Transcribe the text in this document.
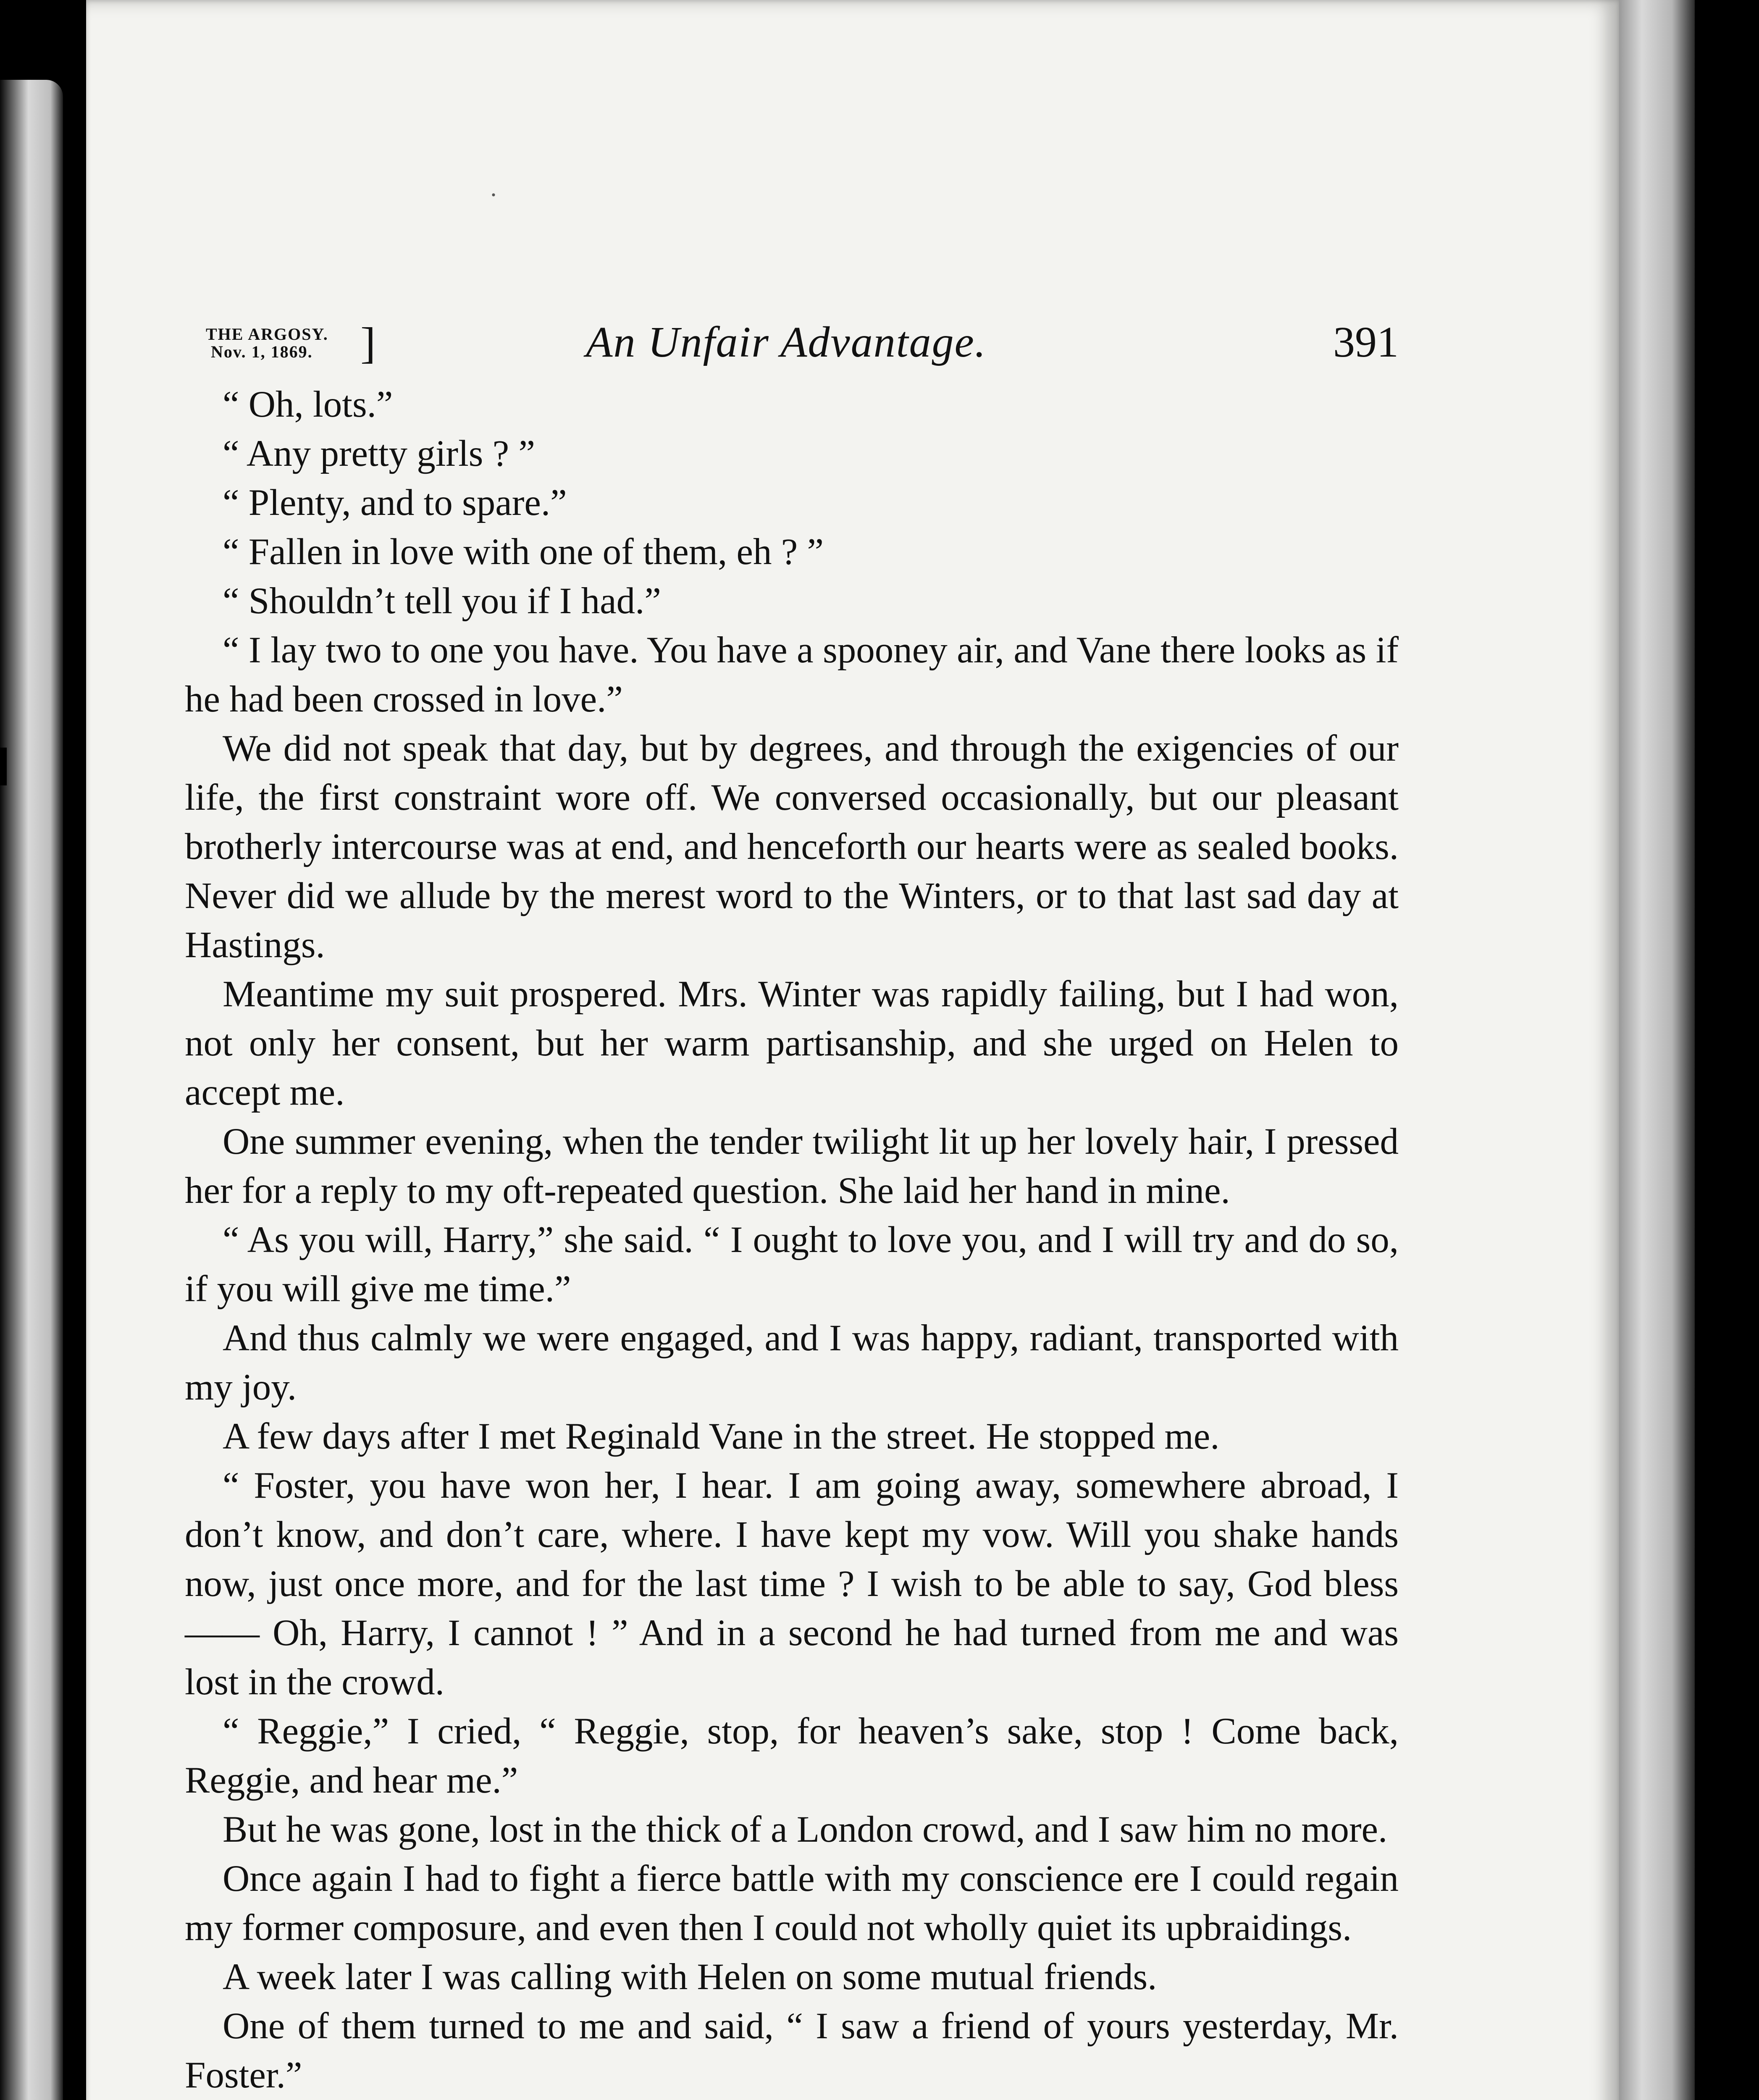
·
THE ARGOSY.
Nov. 1, 1869.	]	An Unfair Advantage.	391

“ Oh, lots.”

“ Any pretty girls ? ”

“ Plenty, and to spare.”

“ Fallen in love with one of them, eh ? ”

“ Shouldn’t tell you if I had.”

“ I lay two to one you have. You have a spooney air, and Vane there looks as if he had been crossed in love.”

We did not speak that day, but by degrees, and through the exigencies of our life, the first constraint wore off. We conversed occasionally, but our pleasant brotherly intercourse was at end, and henceforth our hearts were as sealed books. Never did we allude by the merest word to the Winters, or to that last sad day at Hastings.

Meantime my suit prospered. Mrs. Winter was rapidly failing, but I had won, not only her consent, but her warm partisanship, and she urged on Helen to accept me.

One summer evening, when the tender twilight lit up her lovely hair, I pressed her for a reply to my oft-repeated question. She laid her hand in mine.

“ As you will, Harry,” she said. “ I ought to love you, and I will try and do so, if you will give me time.”

And thus calmly we were engaged, and I was happy, radiant, transported with my joy.

A few days after I met Reginald Vane in the street. He stopped me.

“ Foster, you have won her, I hear. I am going away, somewhere abroad, I don’t know, and don’t care, where. I have kept my vow. Will you shake hands now, just once more, and for the last time ? I wish to be able to say, God bless—— Oh, Harry, I cannot ! ” And in a second he had turned from me and was lost in the crowd.

“ Reggie,” I cried, “ Reggie, stop, for heaven’s sake, stop ! Come back, Reggie, and hear me.”

But he was gone, lost in the thick of a London crowd, and I saw him no more.

Once again I had to fight a fierce battle with my conscience ere I could regain my former composure, and even then I could not wholly quiet its upbraidings.

A week later I was calling with Helen on some mutual friends.

One of them turned to me and said, “ I saw a friend of yours yesterday, Mr. Foster.”
